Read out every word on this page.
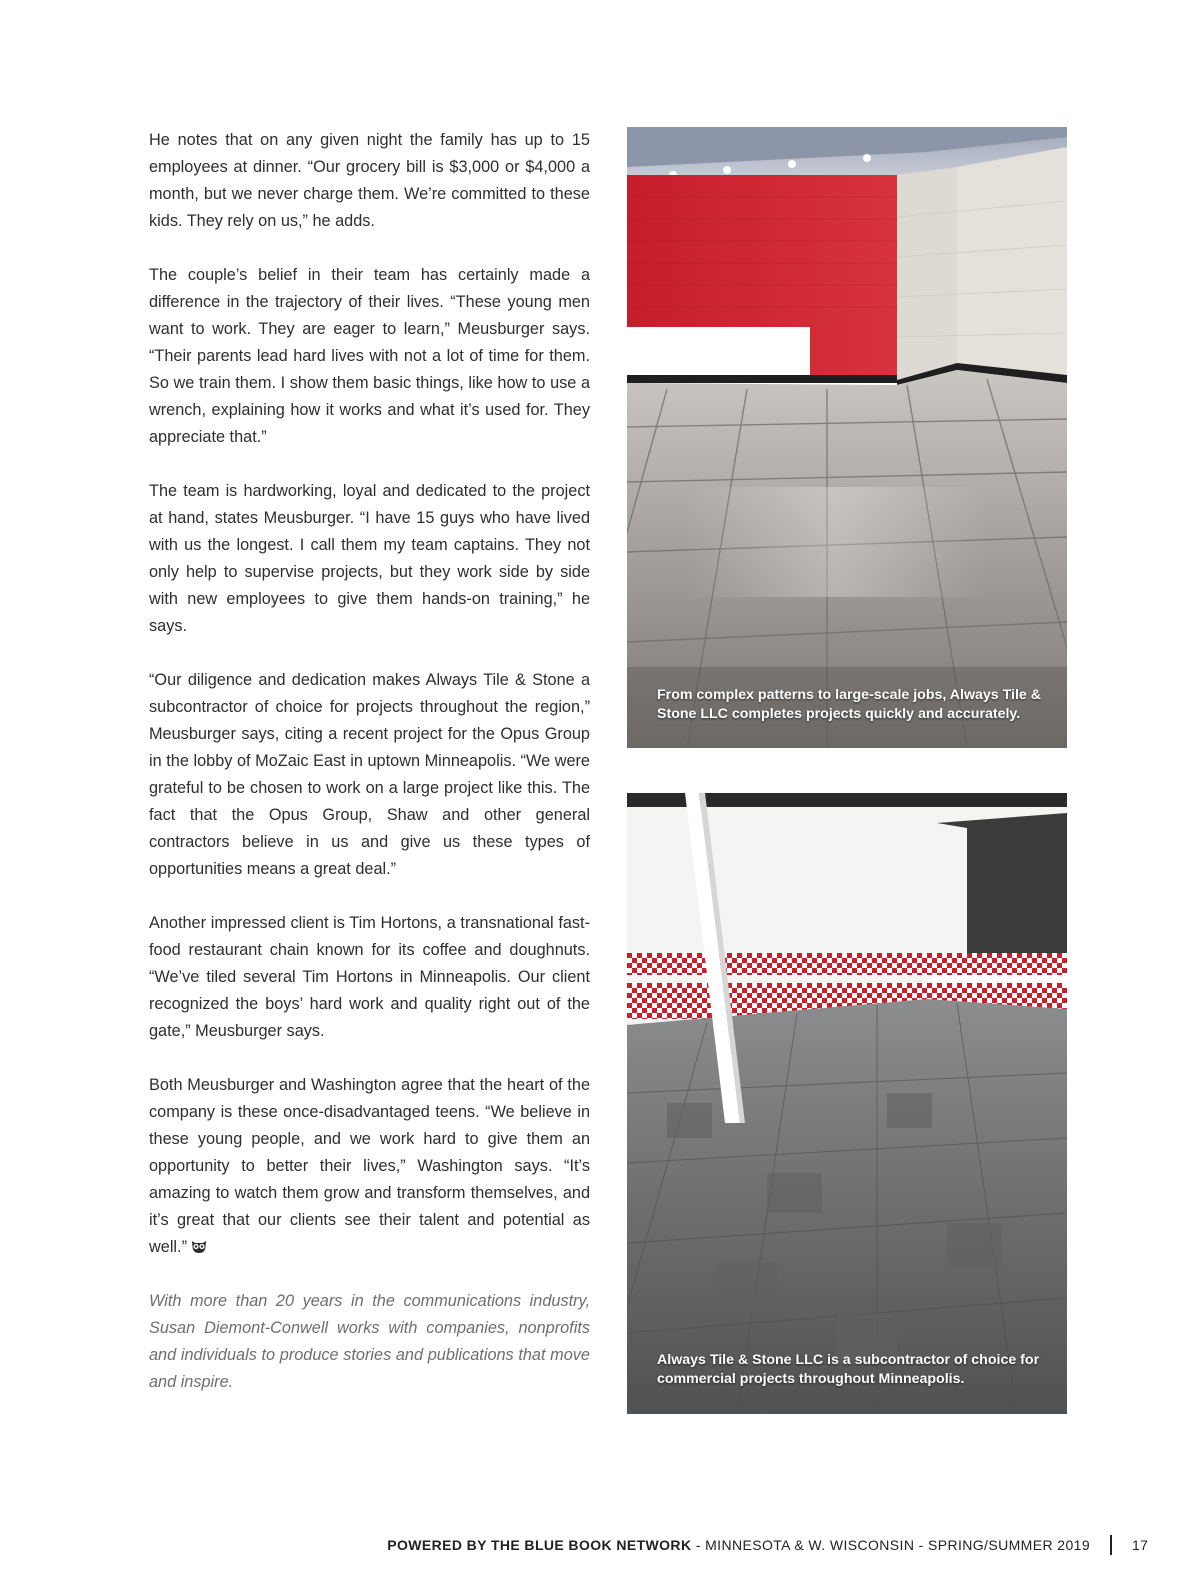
He notes that on any given night the family has up to 15 employees at dinner. “Our grocery bill is $3,000 or $4,000 a month, but we never charge them. We’re committed to these kids. They rely on us,” he adds.

The couple’s belief in their team has certainly made a difference in the trajectory of their lives. “These young men want to work. They are eager to learn,” Meusburger says. “Their parents lead hard lives with not a lot of time for them. So we train them. I show them basic things, like how to use a wrench, explaining how it works and what it’s used for. They appreciate that.”

The team is hardworking, loyal and dedicated to the project at hand, states Meusburger. “I have 15 guys who have lived with us the longest. I call them my team captains. They not only help to supervise projects, but they work side by side with new employees to give them hands-on training,” he says.

“Our diligence and dedication makes Always Tile & Stone a subcontractor of choice for projects throughout the region,” Meusburger says, citing a recent project for the Opus Group in the lobby of MoZaic East in uptown Minneapolis. “We were grateful to be chosen to work on a large project like this. The fact that the Opus Group, Shaw and other general contractors believe in us and give us these types of opportunities means a great deal.”

Another impressed client is Tim Hortons, a transnational fast-food restaurant chain known for its coffee and doughnuts. “We’ve tiled several Tim Hortons in Minneapolis. Our client recognized the boys’ hard work and quality right out of the gate,” Meusburger says.

Both Meusburger and Washington agree that the heart of the company is these once-disadvantaged teens. “We believe in these young people, and we work hard to give them an opportunity to better their lives,” Washington says. “It’s amazing to watch them grow and transform themselves, and it’s great that our clients see their talent and potential as well.”

With more than 20 years in the communications industry, Susan Diemont-Conwell works with companies, nonprofits and individuals to produce stories and publications that move and inspire.

From complex patterns to large-scale jobs, Always Tile & Stone LLC completes projects quickly and accurately.
Always Tile & Stone LLC is a subcontractor of choice for commercial projects throughout Minneapolis.
POWERED BY THE BLUE BOOK NETWORK - MINNESOTA & W. WISCONSIN - SPRING/SUMMER 2019	17
